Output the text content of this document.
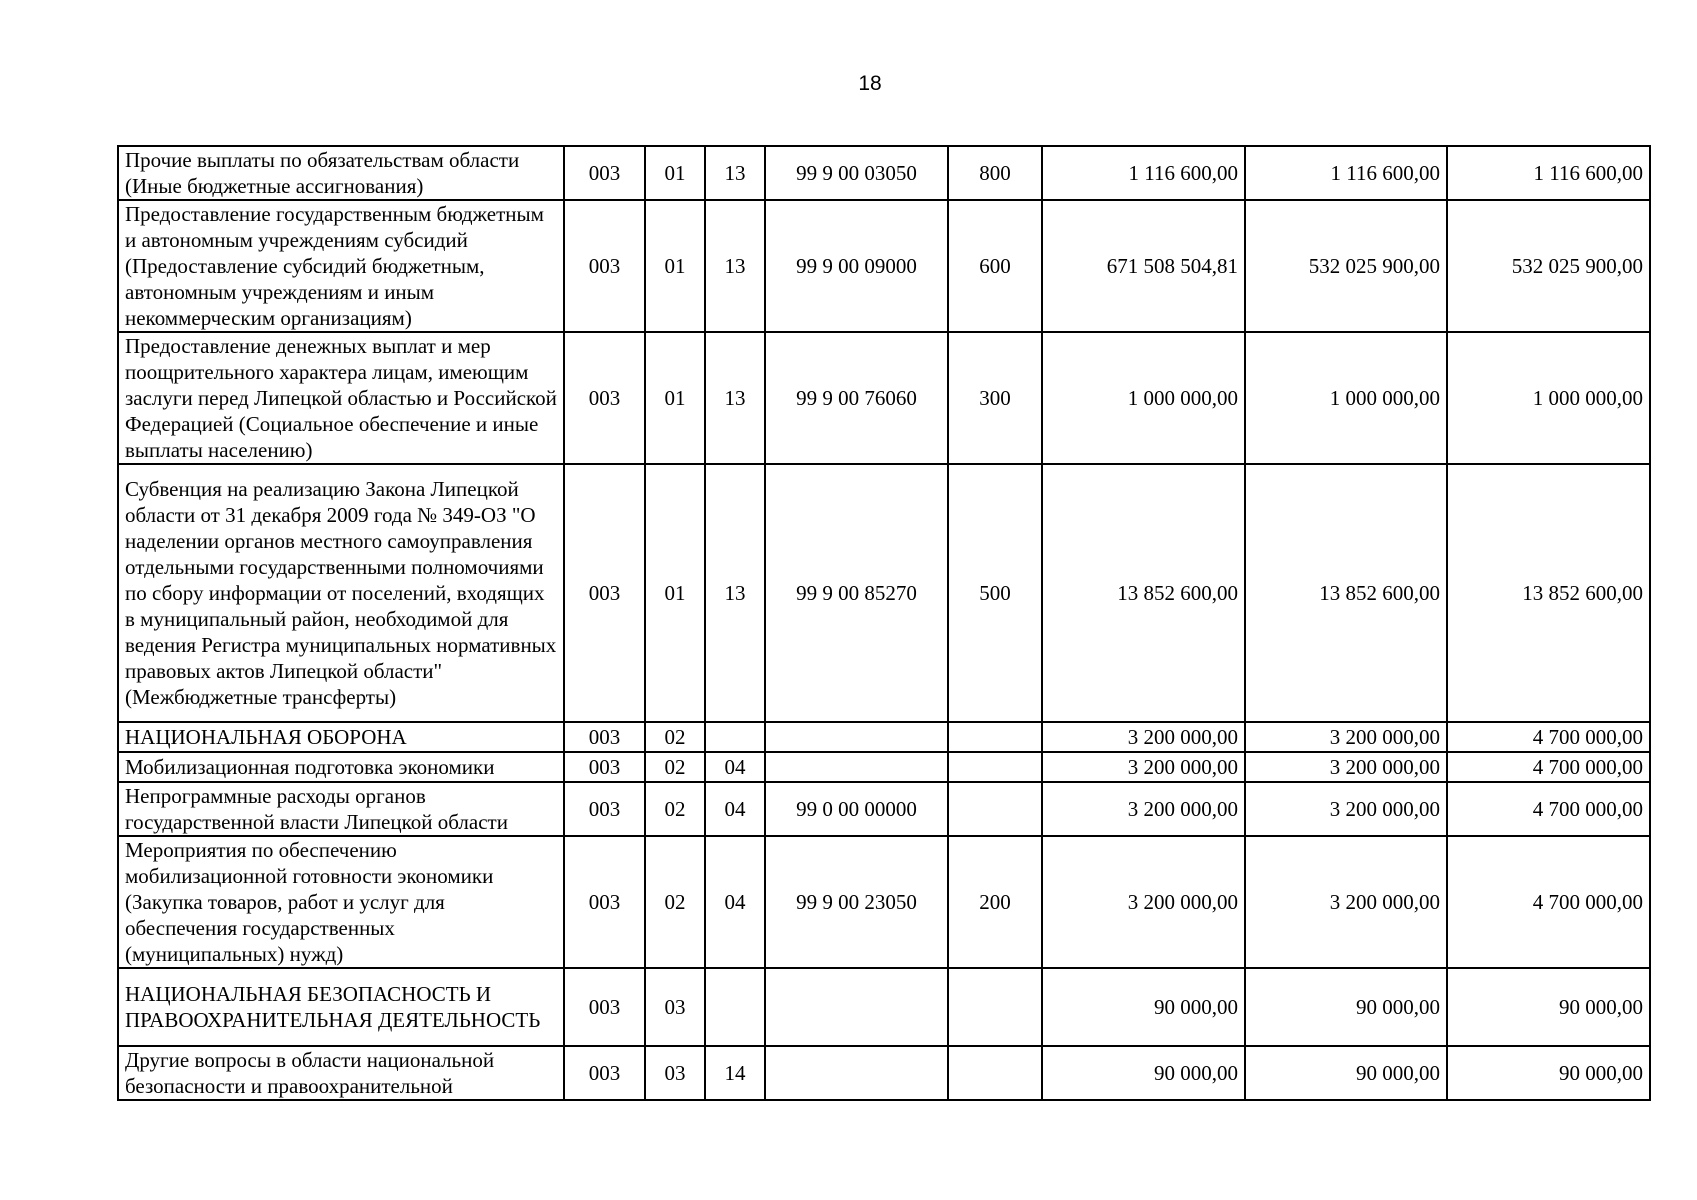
18
Прочие выплаты по обязательствам области (Иные бюджетные ассигнования)	003	01	13	99 9 00 03050	800	1 116 600,00	1 116 600,00	1 116 600,00
Предоставление государственным бюджетным и автономным учреждениям субсидий (Предоставление субсидий бюджетным, автономным учреждениям и иным некоммерческим организациям)	003	01	13	99 9 00 09000	600	671 508 504,81	532 025 900,00	532 025 900,00
Предоставление денежных выплат и мер поощрительного характера лицам, имеющим заслуги перед Липецкой областью и Российской Федерацией (Социальное обеспечение и иные выплаты населению)	003	01	13	99 9 00 76060	300	1 000 000,00	1 000 000,00	1 000 000,00
Субвенция на реализацию Закона Липецкой области от 31 декабря 2009 года № 349-ОЗ "О наделении органов местного самоуправления отдельными государственными полномочиями по сбору информации от поселений, входящих в муниципальный район, необходимой для ведения Регистра муниципальных нормативных правовых актов Липецкой области" (Межбюджетные трансферты)	003	01	13	99 9 00 85270	500	13 852 600,00	13 852 600,00	13 852 600,00
НАЦИОНАЛЬНАЯ ОБОРОНА	003	02				3 200 000,00	3 200 000,00	4 700 000,00
Мобилизационная подготовка экономики	003	02	04			3 200 000,00	3 200 000,00	4 700 000,00
Непрограммные расходы органов государственной власти Липецкой области	003	02	04	99 0 00 00000		3 200 000,00	3 200 000,00	4 700 000,00
Мероприятия по обеспечению мобилизационной готовности экономики (Закупка товаров, работ и услуг для обеспечения государственных (муниципальных) нужд)	003	02	04	99 9 00 23050	200	3 200 000,00	3 200 000,00	4 700 000,00
НАЦИОНАЛЬНАЯ БЕЗОПАСНОСТЬ И ПРАВООХРАНИТЕЛЬНАЯ ДЕЯТЕЛЬНОСТЬ	003	03				90 000,00	90 000,00	90 000,00
Другие вопросы в области национальной безопасности и правоохранительной	003	03	14			90 000,00	90 000,00	90 000,00
